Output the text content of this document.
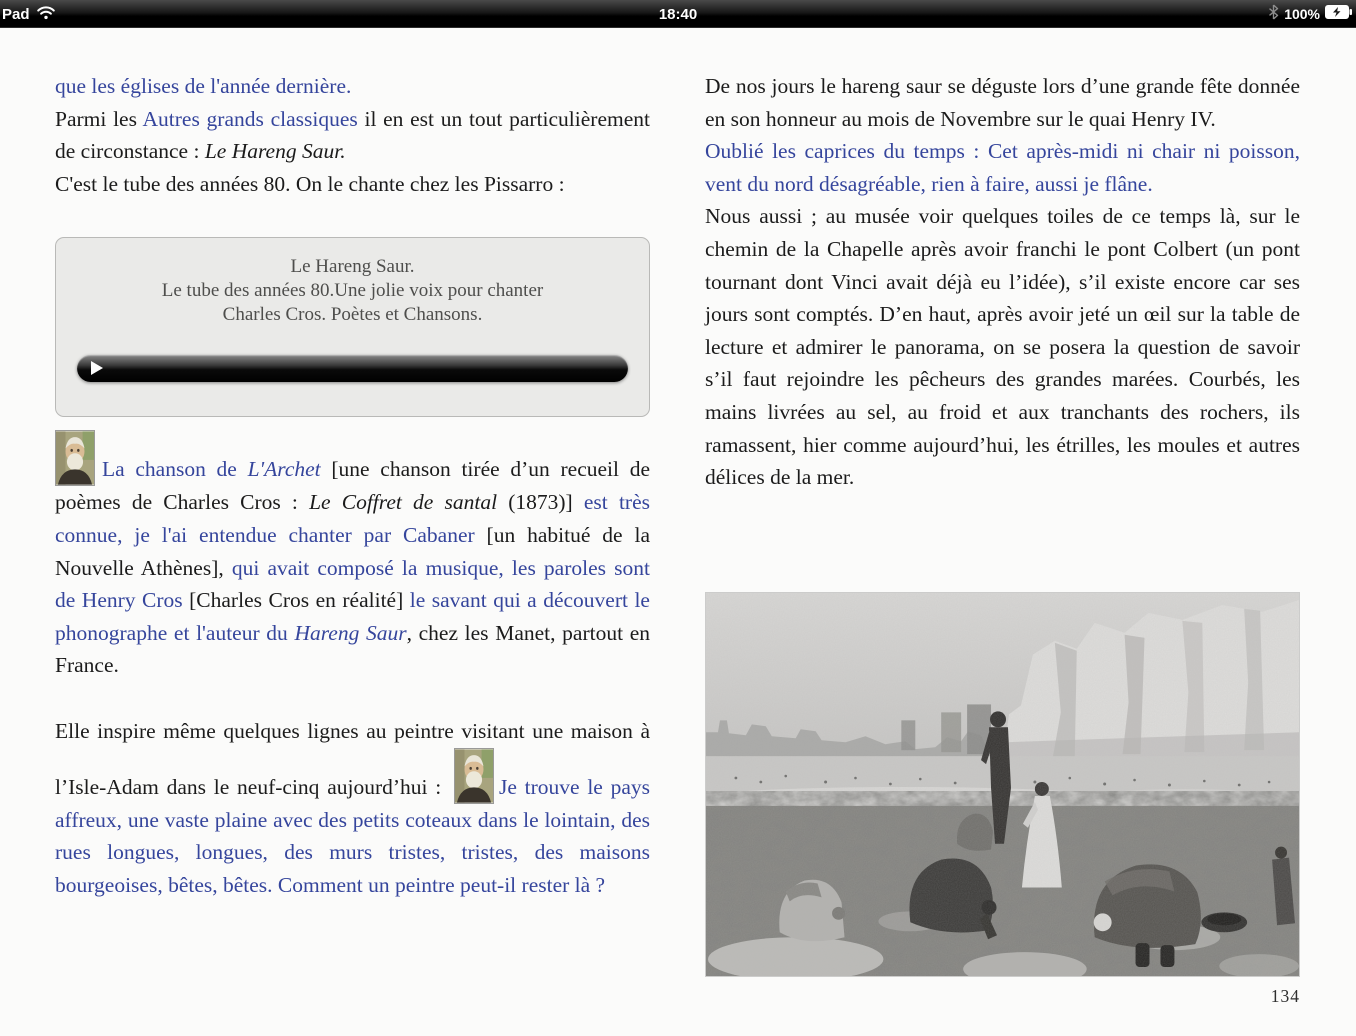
Pad	18:40	100%

que les églises de l'année dernière.

Parmi les Autres grands classiques il en est un tout particulièrement de circonstance : Le Hareng Saur.

C'est le tube des années 80. On le chante chez les Pissarro :

Le Hareng Saur.
Le tube des années 80.Une jolie voix pour chanter
Charles Cros. Poètes et Chansons.

La chanson de L'Archet [une chanson tirée d’un recueil de poèmes de Charles Cros : Le Coffret de santal (1873)] est très connue, je l'ai entendue chanter par Cabaner [un habitué de la Nouvelle Athènes], qui avait composé la musique, les paroles sont de Henry Cros [Charles Cros en réalité] le savant qui a découvert le phonographe et l'auteur du Hareng Saur, chez les Manet, partout en France.

Elle inspire même quelques lignes au peintre visitant une maison à l’Isle-Adam dans le neuf-cinq aujourd’hui :
Je trouve le pays affreux, une vaste plaine avec des petits coteaux dans le lointain, des rues longues, longues, des murs tristes, tristes, des maisons bourgeoises, bêtes, bêtes. Comment un peintre peut-il rester là ?

De nos jours le hareng saur se déguste lors d’une grande fête donnée en son honneur au mois de Novembre sur le quai Henry IV.

Oublié les caprices du temps : Cet après-midi ni chair ni poisson, vent du nord désagréable, rien à faire, aussi je flâne.

Nous aussi ; au musée voir quelques toiles de ce temps là, sur le chemin de la Chapelle après avoir franchi le pont Colbert (un pont tournant dont Vinci avait déjà eu l’idée), s’il existe encore car ses jours sont comptés. D’en haut, après avoir jeté un œil sur la table de lecture et admirer le panorama, on se posera la question de savoir s’il faut rejoindre les pêcheurs des grandes marées. Courbés, les mains livrées au sel, au froid et aux tranchants des rochers, ils ramassent, hier comme aujourd’hui, les étrilles, les moules et autres délices de la mer.

134
